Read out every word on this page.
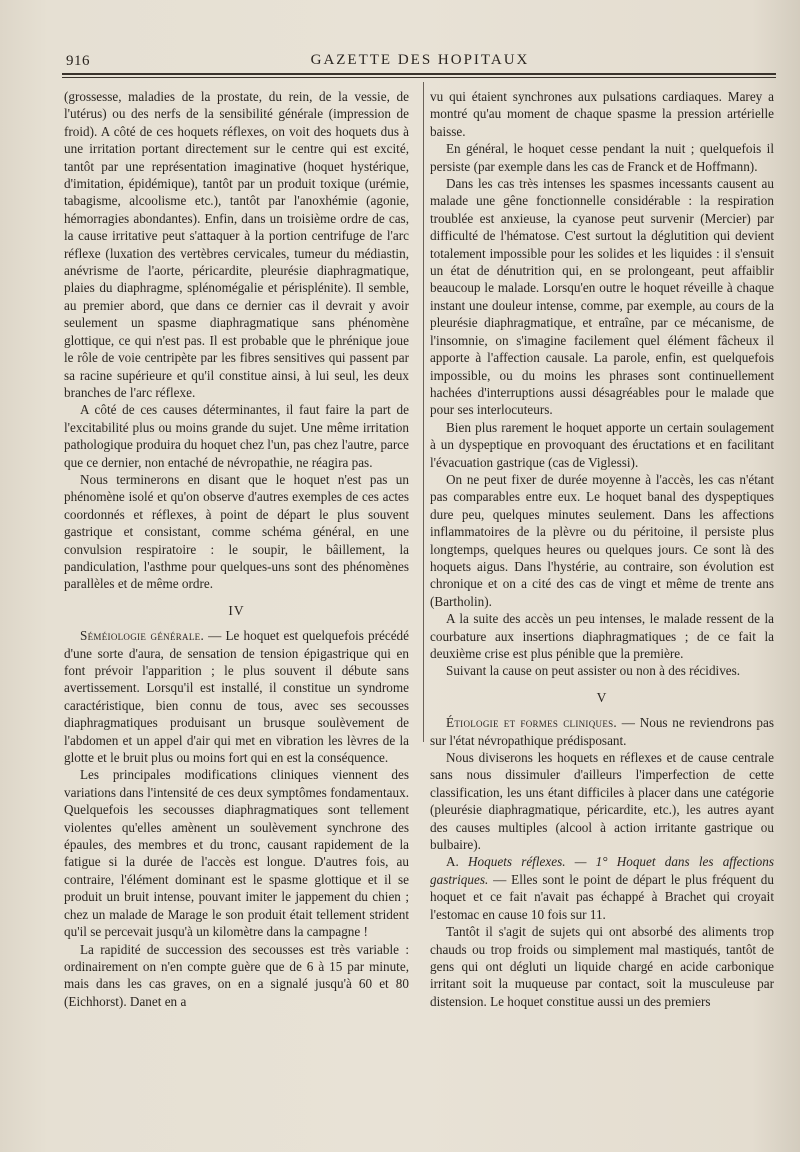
916	GAZETTE DES HOPITAUX

(grossesse, maladies de la prostate, du rein, de la vessie, de l'utérus) ou des nerfs de la sensibilité générale (impression de froid). A côté de ces hoquets réflexes, on voit des hoquets dus à une irritation portant directement sur le centre qui est excité, tantôt par une représentation imaginative (hoquet hystérique, d'imitation, épidémique), tantôt par un produit toxique (urémie, tabagisme, alcoolisme etc.), tantôt par l'anoxhémie (agonie, hémorragies abondantes). Enfin, dans un troisième ordre de cas, la cause irritative peut s'attaquer à la portion centrifuge de l'arc réflexe (luxation des vertèbres cervicales, tumeur du médiastin, anévrisme de l'aorte, péricardite, pleurésie diaphragmatique, plaies du diaphragme, splénomégalie et périsplénite). Il semble, au premier abord, que dans ce dernier cas il devrait y avoir seulement un spasme diaphragmatique sans phénomène glottique, ce qui n'est pas. Il est probable que le phrénique joue le rôle de voie centripète par les fibres sensitives qui passent par sa racine supérieure et qu'il constitue ainsi, à lui seul, les deux branches de l'arc réflexe.

A côté de ces causes déterminantes, il faut faire la part de l'excitabilité plus ou moins grande du sujet. Une même irritation pathologique produira du hoquet chez l'un, pas chez l'autre, parce que ce dernier, non entaché de névropathie, ne réagira pas.

Nous terminerons en disant que le hoquet n'est pas un phénomène isolé et qu'on observe d'autres exemples de ces actes coordonnés et réflexes, à point de départ le plus souvent gastrique et consistant, comme schéma général, en une convulsion respiratoire : le soupir, le bâillement, la pandiculation, l'asthme pour quelques-uns sont des phénomènes parallèles et de même ordre.

IV

Séméiologie générale. — Le hoquet est quelquefois précédé d'une sorte d'aura, de sensation de tension épigastrique qui en font prévoir l'apparition ; le plus souvent il débute sans avertissement. Lorsqu'il est installé, il constitue un syndrome caractéristique, bien connu de tous, avec ses secousses diaphragmatiques produisant un brusque soulèvement de l'abdomen et un appel d'air qui met en vibration les lèvres de la glotte et le bruit plus ou moins fort qui en est la conséquence.

Les principales modifications cliniques viennent des variations dans l'intensité de ces deux symptômes fondamentaux. Quelquefois les secousses diaphragmatiques sont tellement violentes qu'elles amènent un soulèvement synchrone des épaules, des membres et du tronc, causant rapidement de la fatigue si la durée de l'accès est longue. D'autres fois, au contraire, l'élément dominant est le spasme glottique et il se produit un bruit intense, pouvant imiter le jappement du chien ; chez un malade de Marage le son produit était tellement strident qu'il se percevait jusqu'à un kilomètre dans la campagne !

La rapidité de succession des secousses est très variable : ordinairement on n'en compte guère que de 6 à 15 par minute, mais dans les cas graves, on en a signalé jusqu'à 60 et 80 (Eichhorst). Danet en a

vu qui étaient synchrones aux pulsations cardiaques. Marey a montré qu'au moment de chaque spasme la pression artérielle baisse.

En général, le hoquet cesse pendant la nuit ; quelquefois il persiste (par exemple dans les cas de Franck et de Hoffmann).

Dans les cas très intenses les spasmes incessants causent au malade une gêne fonctionnelle considérable : la respiration troublée est anxieuse, la cyanose peut survenir (Mercier) par difficulté de l'hématose. C'est surtout la déglutition qui devient totalement impossible pour les solides et les liquides : il s'ensuit un état de dénutrition qui, en se prolongeant, peut affaiblir beaucoup le malade. Lorsqu'en outre le hoquet réveille à chaque instant une douleur intense, comme, par exemple, au cours de la pleurésie diaphragmatique, et entraîne, par ce mécanisme, de l'insomnie, on s'imagine facilement quel élément fâcheux il apporte à l'affection causale. La parole, enfin, est quelquefois impossible, ou du moins les phrases sont continuellement hachées d'interruptions aussi désagréables pour le malade que pour ses interlocuteurs.

Bien plus rarement le hoquet apporte un certain soulagement à un dyspeptique en provoquant des éructations et en facilitant l'évacuation gastrique (cas de Viglessi).

On ne peut fixer de durée moyenne à l'accès, les cas n'étant pas comparables entre eux. Le hoquet banal des dyspeptiques dure peu, quelques minutes seulement. Dans les affections inflammatoires de la plèvre ou du péritoine, il persiste plus longtemps, quelques heures ou quelques jours. Ce sont là des hoquets aigus. Dans l'hystérie, au contraire, son évolution est chronique et on a cité des cas de vingt et même de trente ans (Bartholin).

A la suite des accès un peu intenses, le malade ressent de la courbature aux insertions diaphragmatiques ; de ce fait la deuxième crise est plus pénible que la première.

Suivant la cause on peut assister ou non à des récidives.

V

Étiologie et formes cliniques. — Nous ne reviendrons pas sur l'état névropathique prédisposant.

Nous diviserons les hoquets en réflexes et de cause centrale sans nous dissimuler d'ailleurs l'imperfection de cette classification, les uns étant difficiles à placer dans une catégorie (pleurésie diaphragmatique, péricardite, etc.), les autres ayant des causes multiples (alcool à action irritante gastrique ou bulbaire).

A. Hoquets réflexes. — 1° Hoquet dans les affections gastriques. — Elles sont le point de départ le plus fréquent du hoquet et ce fait n'avait pas échappé à Brachet qui croyait l'estomac en cause 10 fois sur 11.

Tantôt il s'agit de sujets qui ont absorbé des aliments trop chauds ou trop froids ou simplement mal mastiqués, tantôt de gens qui ont dégluti un liquide chargé en acide carbonique irritant soit la muqueuse par contact, soit la musculeuse par distension. Le hoquet constitue aussi un des premiers
